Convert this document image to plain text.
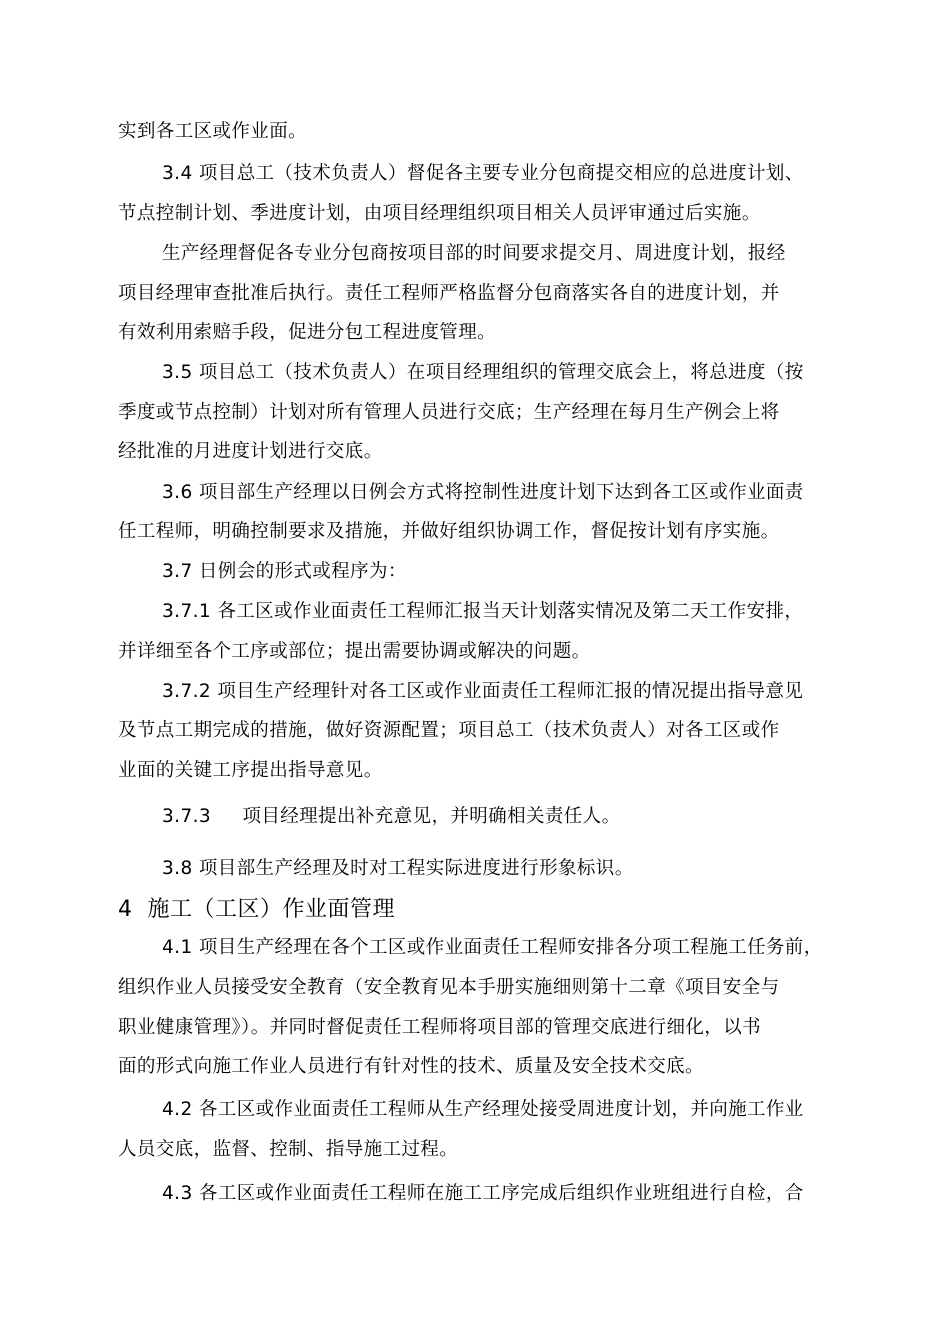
实到各工区或作业面。
3.4 项目总工（技术负责人）督促各主要专业分包商提交相应的总进度计划、
节点控制计划、季进度计划，由项目经理组织项目相关人员评审通过后实施。
生产经理督促各专业分包商按项目部的时间要求提交月、周进度计划，报经
项目经理审查批准后执行。责任工程师严格监督分包商落实各自的进度计划，并
有效利用索赔手段，促进分包工程进度管理。
3.5 项目总工（技术负责人）在项目经理组织的管理交底会上，将总进度（按
季度或节点控制）计划对所有管理人员进行交底；生产经理在每月生产例会上将
经批准的月进度计划进行交底。
3.6 项目部生产经理以日例会方式将控制性进度计划下达到各工区或作业面责
任工程师，明确控制要求及措施，并做好组织协调工作，督促按计划有序实施。
3.7 日例会的形式或程序为：
3.7.1 各工区或作业面责任工程师汇报当天计划落实情况及第二天工作安排，
并详细至各个工序或部位；提出需要协调或解决的问题。
3.7.2 项目生产经理针对各工区或作业面责任工程师汇报的情况提出指导意见
及节点工期完成的措施，做好资源配置；项目总工（技术负责人）对各工区或作
业面的关键工序提出指导意见。
3.7.3     项目经理提出补充意见，并明确相关责任人。
3.8 项目部生产经理及时对工程实际进度进行形象标识。
4  施工（工区）作业面管理
4.1 项目生产经理在各个工区或作业面责任工程师安排各分项工程施工任务前，
组织作业人员接受安全教育（安全教育见本手册实施细则第十二章《项目安全与
职业健康管理》）。并同时督促责任工程师将项目部的管理交底进行细化，以书
面的形式向施工作业人员进行有针对性的技术、质量及安全技术交底。
4.2 各工区或作业面责任工程师从生产经理处接受周进度计划，并向施工作业
人员交底，监督、控制、指导施工过程。
4.3 各工区或作业面责任工程师在施工工序完成后组织作业班组进行自检，合
